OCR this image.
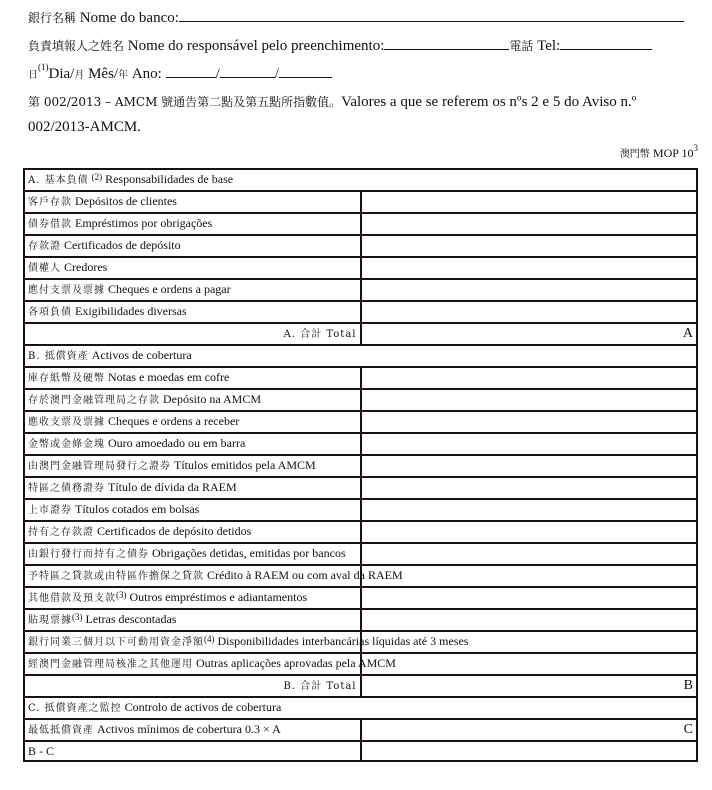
銀行名稱 Nome do banco:
負責填報人之姓名 Nome do responsável pelo preenchimento:	電話 Tel:
日$^{(1)}$Dia/月 Mês/年 Ano:	/	/
第 002/2013 – AMCM 號通告第二點及第五點所指數值。Valores a que se referem os nºs 2 e 5 do Aviso n.º
002/2013-AMCM.
澳門幣 MOP $10^3$
A. 基本負債 $^{(2)}$ Responsabilidades de base	
客戶存款 Depósitos de clientes	
債券借款 Empréstimos por obrigações	
存款證 Certificados de depósito	
債權人 Credores	
應付支票及票據 Cheques e ordens a pagar	
各項負債 Exigibilidades diversas	
A. 合計 Total	A
B. 抵償資產 Activos de cobertura	
庫存紙幣及硬幣 Notas e moedas em cofre	
存於澳門金融管理局之存款 Depósito na AMCM	
應收支票及票據 Cheques e ordens a receber	
金幣或金條金塊 Ouro amoedado ou em barra	
由澳門金融管理局發行之證券 Títulos emitidos pela AMCM	
特區之債務證券 Título de dívida da RAEM	
上市證券 Títulos cotados em bolsas	
持有之存款證 Certificados de depósito detidos	
由銀行發行而持有之債券 Obrigações detidas, emitidas por bancos	
予特區之貸款或由特區作擔保之貸款 Crédito à RAEM ou com aval da RAEM	
其他借款及預支款$^{(3)}$ Outros empréstimos e adiantamentos	
貼現票據$^{(3)}$ Letras descontadas	
銀行同業三個月以下可動用資金淨額$^{(4)}$ Disponibilidades interbancárias líquidas até 3 meses	
經澳門金融管理局核准之其他運用 Outras aplicações aprovadas pela AMCM	
B. 合計 Total	B
C. 抵償資產之監控 Controlo de activos de cobertura	
最低抵償資產 Activos mínimos de cobertura 0.3 × A	C
B - C	
